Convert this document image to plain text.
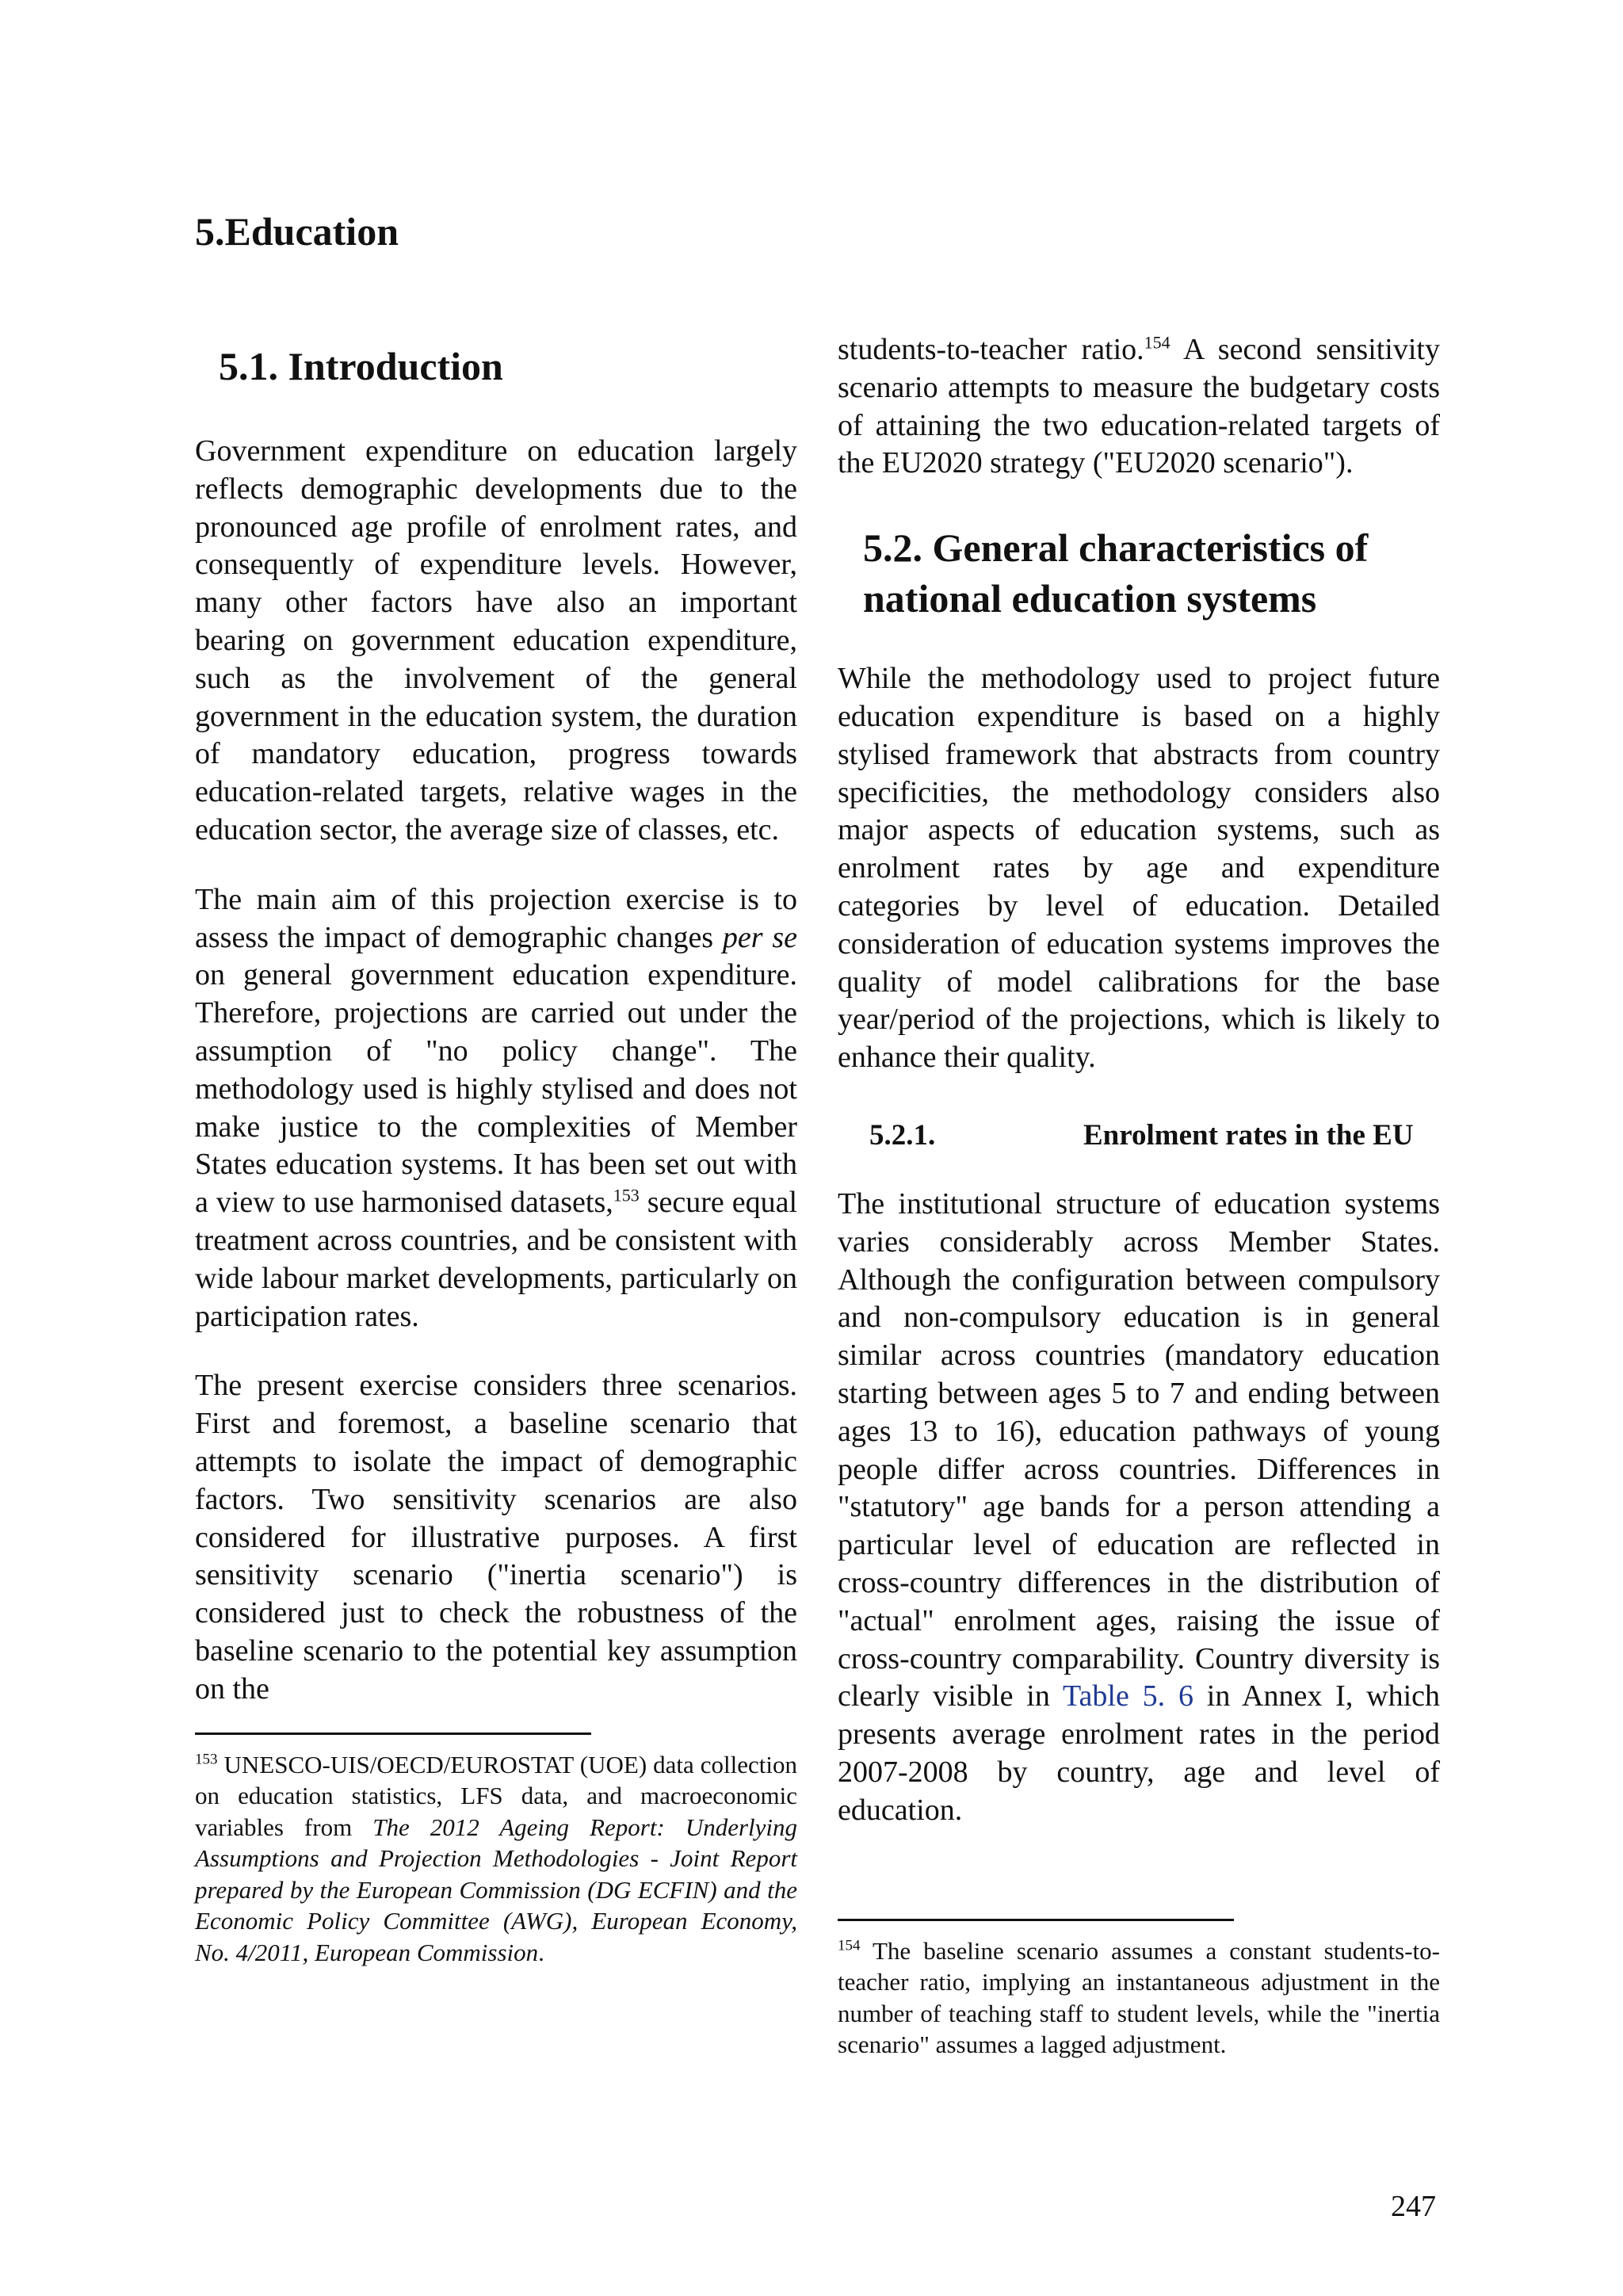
5.Education
5.1. Introduction

Government expenditure on education largely reflects demographic developments due to the pronounced age profile of enrolment rates, and consequently of expenditure levels. However, many other factors have also an important bearing on government education expenditure, such as the involvement of the general government in the education system, the duration of mandatory education, progress towards education-related targets, relative wages in the education sector, the average size of classes, etc.

The main aim of this projection exercise is to assess the impact of demographic changes per se on general government education expenditure. Therefore, projections are carried out under the assumption of "no policy change". The methodology used is highly stylised and does not make justice to the complexities of Member States education systems. It has been set out with a view to use harmonised datasets,$^{153}$ secure equal treatment across countries, and be consistent with wide labour market developments, particularly on participation rates.

The present exercise considers three scenarios. First and foremost, a baseline scenario that attempts to isolate the impact of demographic factors. Two sensitivity scenarios are also considered for illustrative purposes. A first sensitivity scenario ("inertia scenario") is considered just to check the robustness of the baseline scenario to the potential key assumption on the

$^{153}$ UNESCO-UIS/OECD/EUROSTAT (UOE) data collection on education statistics, LFS data, and macroeconomic variables from The 2012 Ageing Report: Underlying Assumptions and Projection Methodologies - Joint Report prepared by the European Commission (DG ECFIN) and the Economic Policy Committee (AWG), European Economy, No. 4/2011, European Commission.

students-to-teacher ratio.$^{154}$ A second sensitivity scenario attempts to measure the budgetary costs of attaining the two education-related targets of the EU2020 strategy ("EU2020 scenario").

5.2. General characteristics of
national education systems

While the methodology used to project future education expenditure is based on a highly stylised framework that abstracts from country specificities, the methodology considers also major aspects of education systems, such as enrolment rates by age and expenditure categories by level of education. Detailed consideration of education systems improves the quality of model calibrations for the base year/period of the projections, which is likely to enhance their quality.

5.2.1.	Enrolment rates in the EU

The institutional structure of education systems varies considerably across Member States. Although the configuration between compulsory and non-compulsory education is in general similar across countries (mandatory education starting between ages 5 to 7 and ending between ages 13 to 16), education pathways of young people differ across countries. Differences in "statutory" age bands for a person attending a particular level of education are reflected in cross-country differences in the distribution of "actual" enrolment ages, raising the issue of cross-country comparability. Country diversity is clearly visible in Table 5. 6 in Annex I, which presents average enrolment rates in the period 2007-2008 by country, age and level of education.

$^{154}$ The baseline scenario assumes a constant students-to-teacher ratio, implying an instantaneous adjustment in the number of teaching staff to student levels, while the "inertia scenario" assumes a lagged adjustment.

247
